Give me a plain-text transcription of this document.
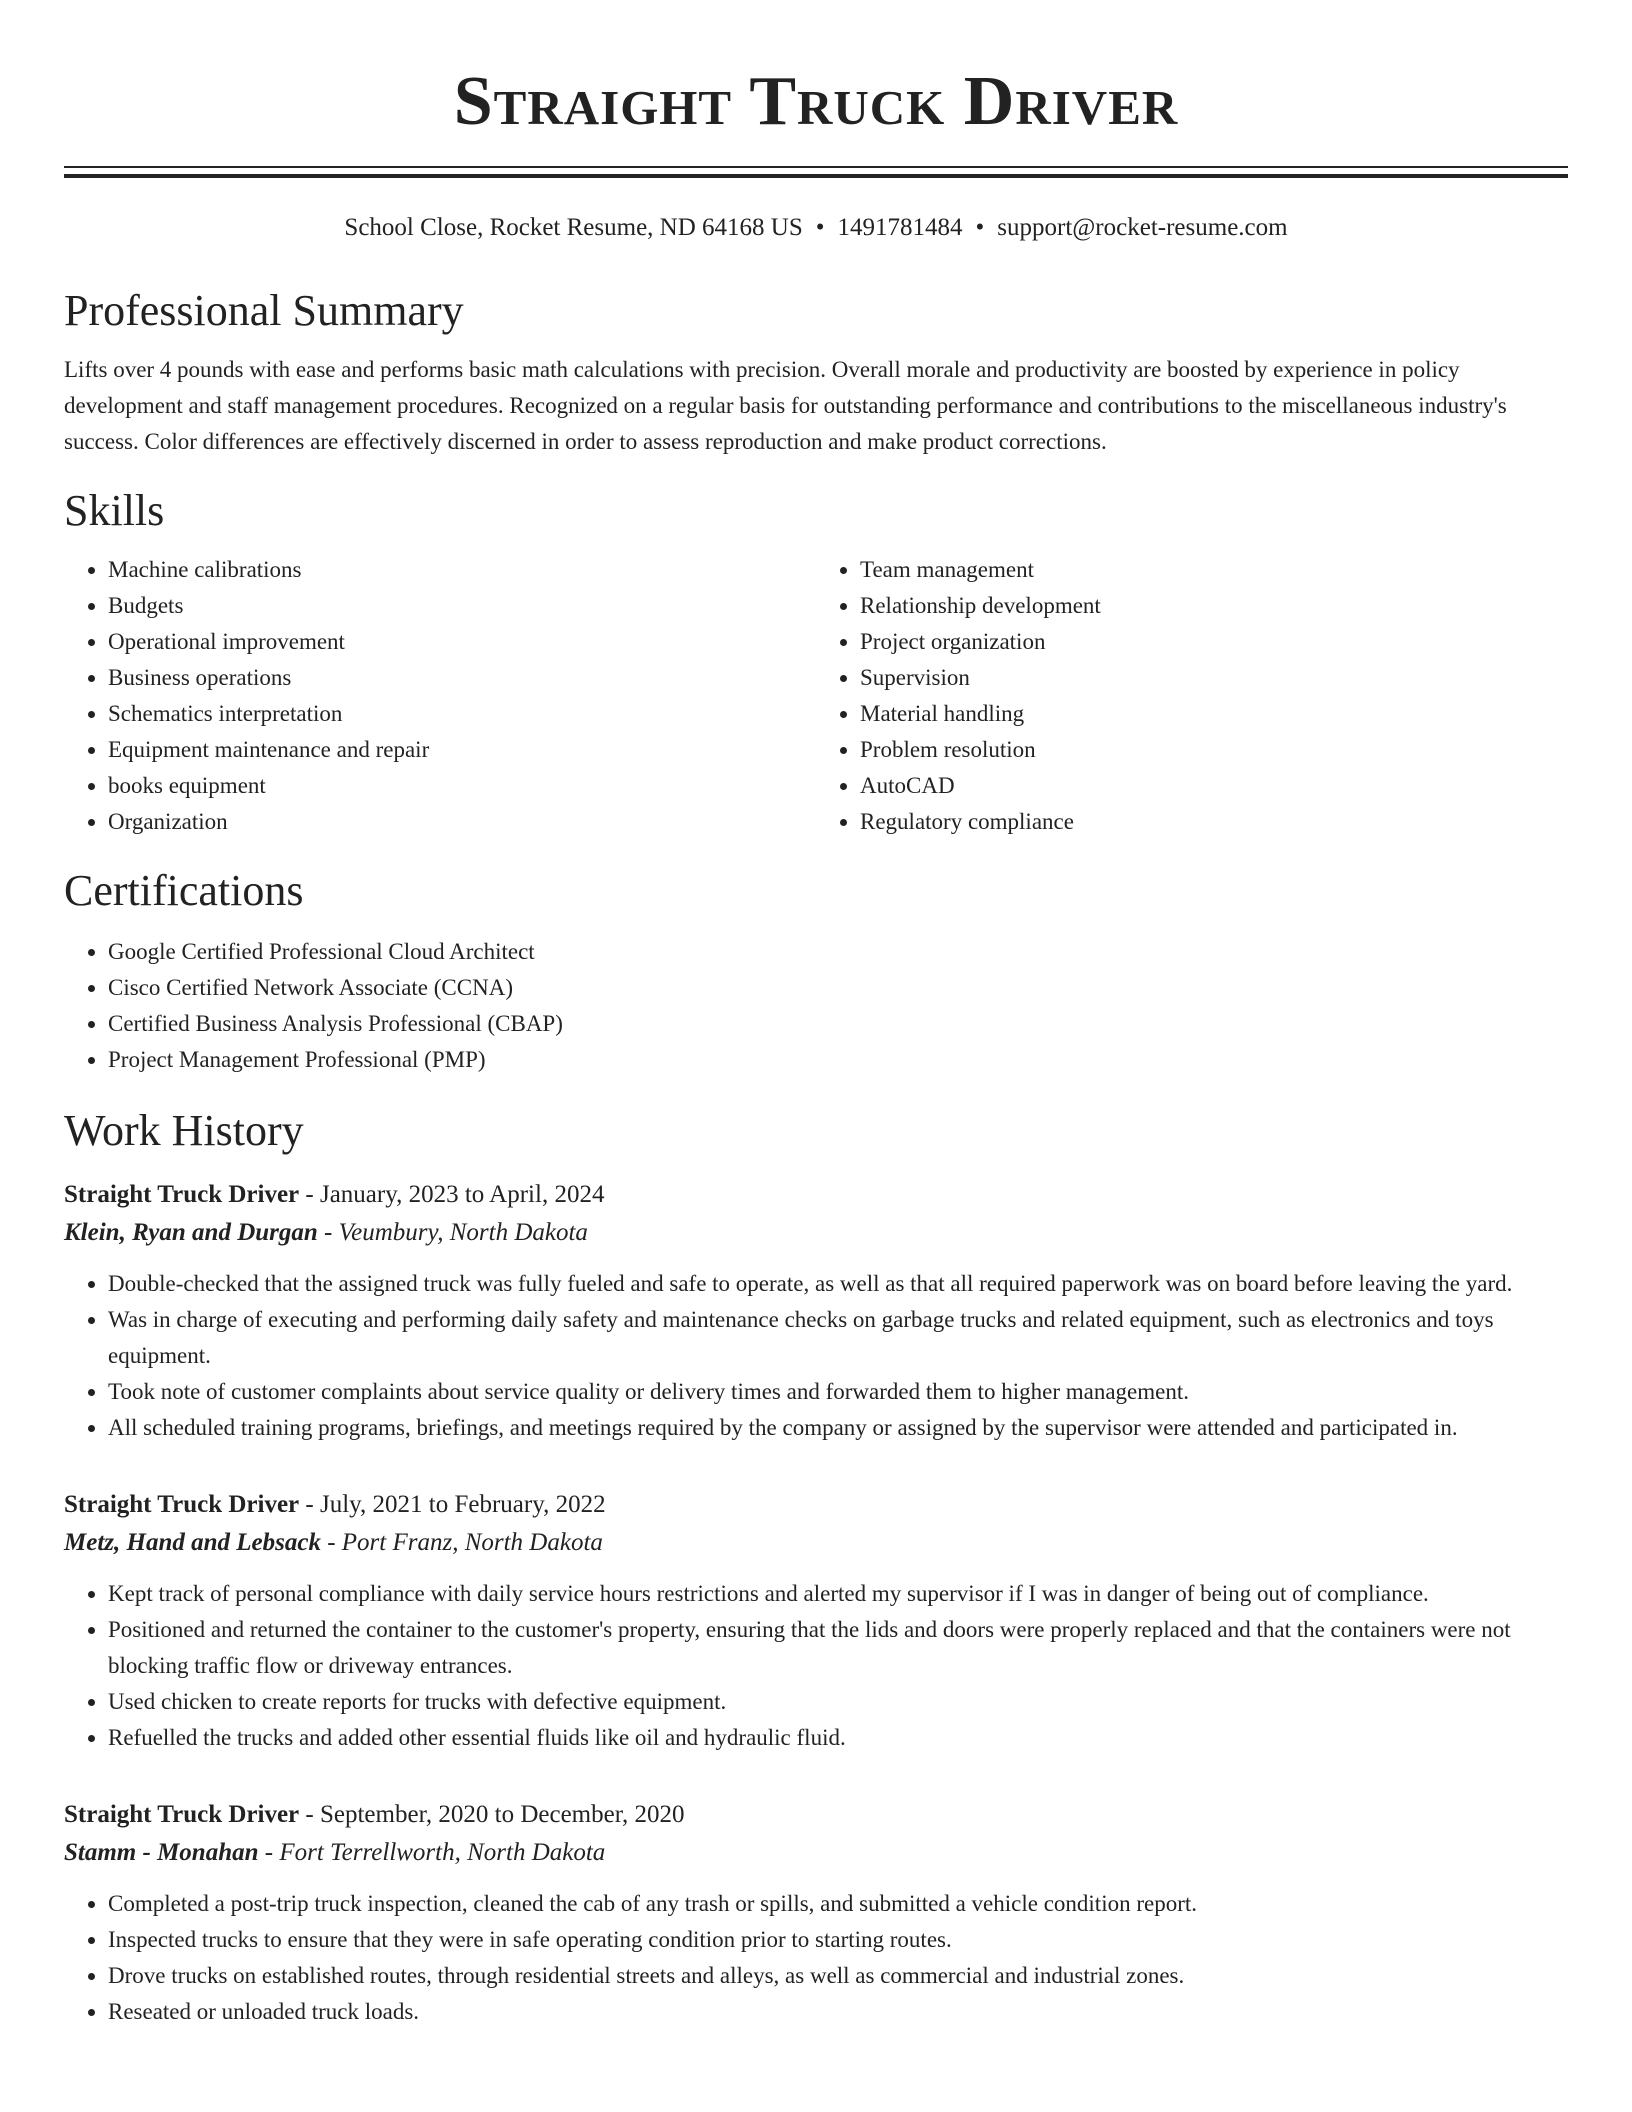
Straight Truck Driver
School Close, Rocket Resume, ND 64168 US • 1491781484 • support@rocket-resume.com
Professional Summary
Lifts over 4 pounds with ease and performs basic math calculations with precision. Overall morale and productivity are boosted by experience in policy development and staff management procedures. Recognized on a regular basis for outstanding performance and contributions to the miscellaneous industry's success. Color differences are effectively discerned in order to assess reproduction and make product corrections.
Skills
• Machine calibrations
• Budgets
• Operational improvement
• Business operations
• Schematics interpretation
• Equipment maintenance and repair
• books equipment
• Organization
• Team management
• Relationship development
• Project organization
• Supervision
• Material handling
• Problem resolution
• AutoCAD
• Regulatory compliance
Certifications
• Google Certified Professional Cloud Architect
• Cisco Certified Network Associate (CCNA)
• Certified Business Analysis Professional (CBAP)
• Project Management Professional (PMP)
Work History
Straight Truck Driver - January, 2023 to April, 2024
Klein, Ryan and Durgan - Veumbury, North Dakota
• Double-checked that the assigned truck was fully fueled and safe to operate, as well as that all required paperwork was on board before leaving the yard.
• Was in charge of executing and performing daily safety and maintenance checks on garbage trucks and related equipment, such as electronics and toys equipment.
• Took note of customer complaints about service quality or delivery times and forwarded them to higher management.
• All scheduled training programs, briefings, and meetings required by the company or assigned by the supervisor were attended and participated in.
Straight Truck Driver - July, 2021 to February, 2022
Metz, Hand and Lebsack - Port Franz, North Dakota
• Kept track of personal compliance with daily service hours restrictions and alerted my supervisor if I was in danger of being out of compliance.
• Positioned and returned the container to the customer's property, ensuring that the lids and doors were properly replaced and that the containers were not blocking traffic flow or driveway entrances.
• Used chicken to create reports for trucks with defective equipment.
• Refuelled the trucks and added other essential fluids like oil and hydraulic fluid.
Straight Truck Driver - September, 2020 to December, 2020
Stamm - Monahan - Fort Terrellworth, North Dakota
• Completed a post-trip truck inspection, cleaned the cab of any trash or spills, and submitted a vehicle condition report.
• Inspected trucks to ensure that they were in safe operating condition prior to starting routes.
• Drove trucks on established routes, through residential streets and alleys, as well as commercial and industrial zones.
• Reseated or unloaded truck loads.
